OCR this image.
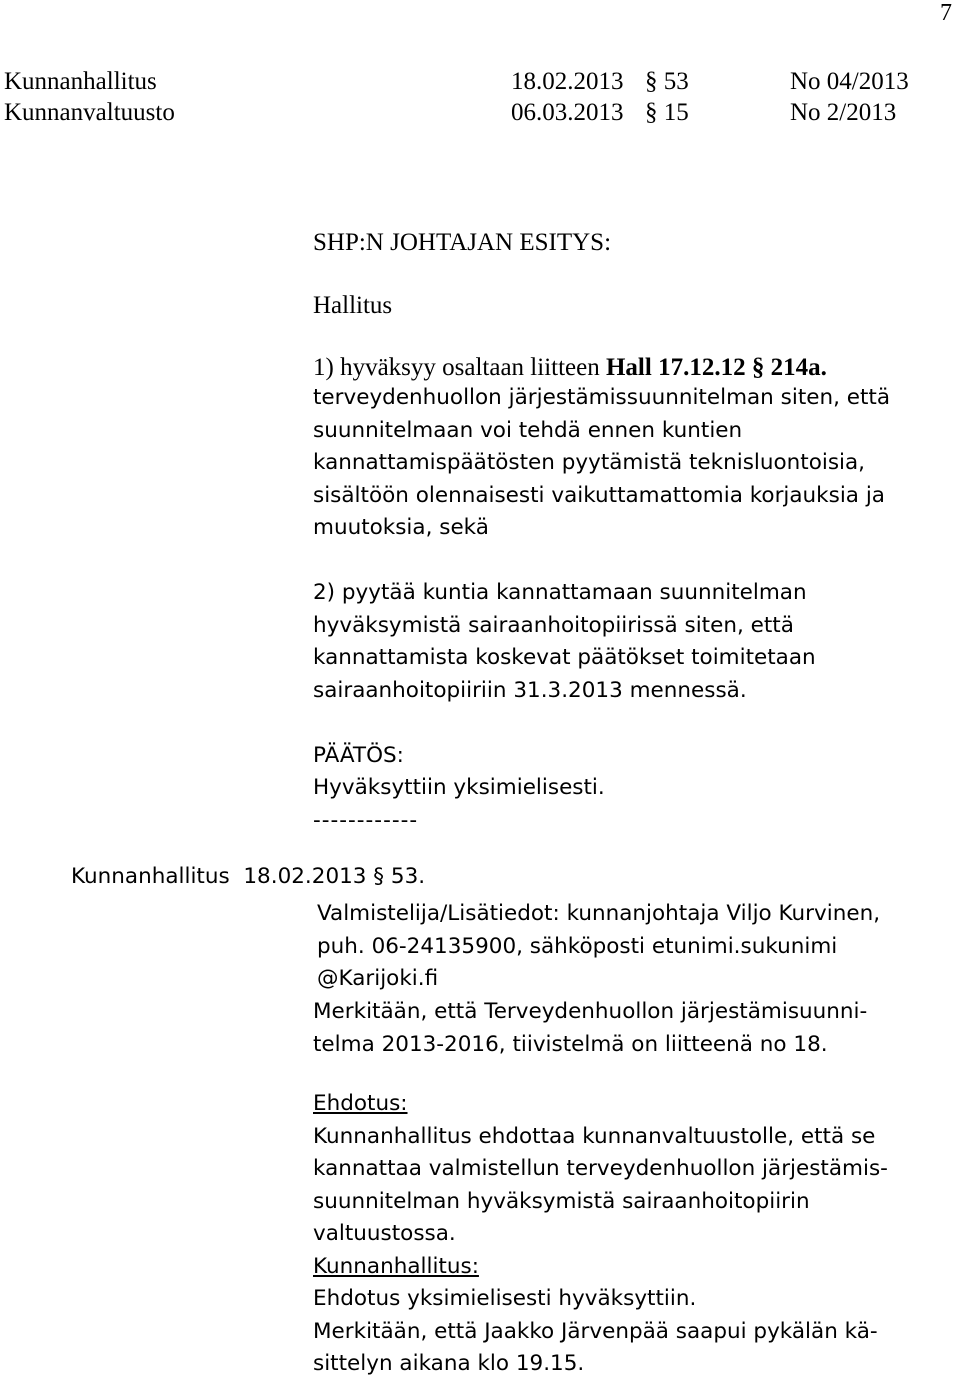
7
Kunnanhallitus	18.02.2013 § 53	No 04/2013
Kunnanvaltuusto	06.03.2013 § 15	No 2/2013
SHP:N JOHTAJAN ESITYS:
Hallitus
1) hyväksyy osaltaan liitteen Hall 17.12.12 § 214a.

terveydenhuollon järjestämissuunnitelman siten, että

suunnitelmaan voi tehdä ennen kuntien

kannattamispäätösten pyytämistä teknisluontoisia,

sisältöön olennaisesti vaikuttamattomia korjauksia ja

muutoksia, sekä

2) pyytää kuntia kannattamaan suunnitelman

hyväksymistä sairaanhoitopiirissä siten, että

kannattamista koskevat päätökset toimitetaan

sairaanhoitopiiriin 31.3.2013 mennessä.

PÄÄTÖS:

Hyväksyttiin yksimielisesti.

------------

Kunnanhallitus 18.02.2013 § 53.

Valmistelija/Lisätiedot: kunnanjohtaja Viljo Kurvinen,

puh. 06-24135900, sähköposti etunimi.sukunimi

@Karijoki.fi

Merkitään, että Terveydenhuollon järjestämisuunni-

telma 2013-2016, tiivistelmä on liitteenä no 18.

Ehdotus:

Kunnanhallitus ehdottaa kunnanvaltuustolle, että se

kannattaa valmistellun terveydenhuollon järjestämis-

suunnitelman hyväksymistä sairaanhoitopiirin

valtuustossa.

Kunnanhallitus:

Ehdotus yksimielisesti hyväksyttiin.

Merkitään, että Jaakko Järvenpää saapui pykälän kä-

sittelyn aikana klo 19.15.
